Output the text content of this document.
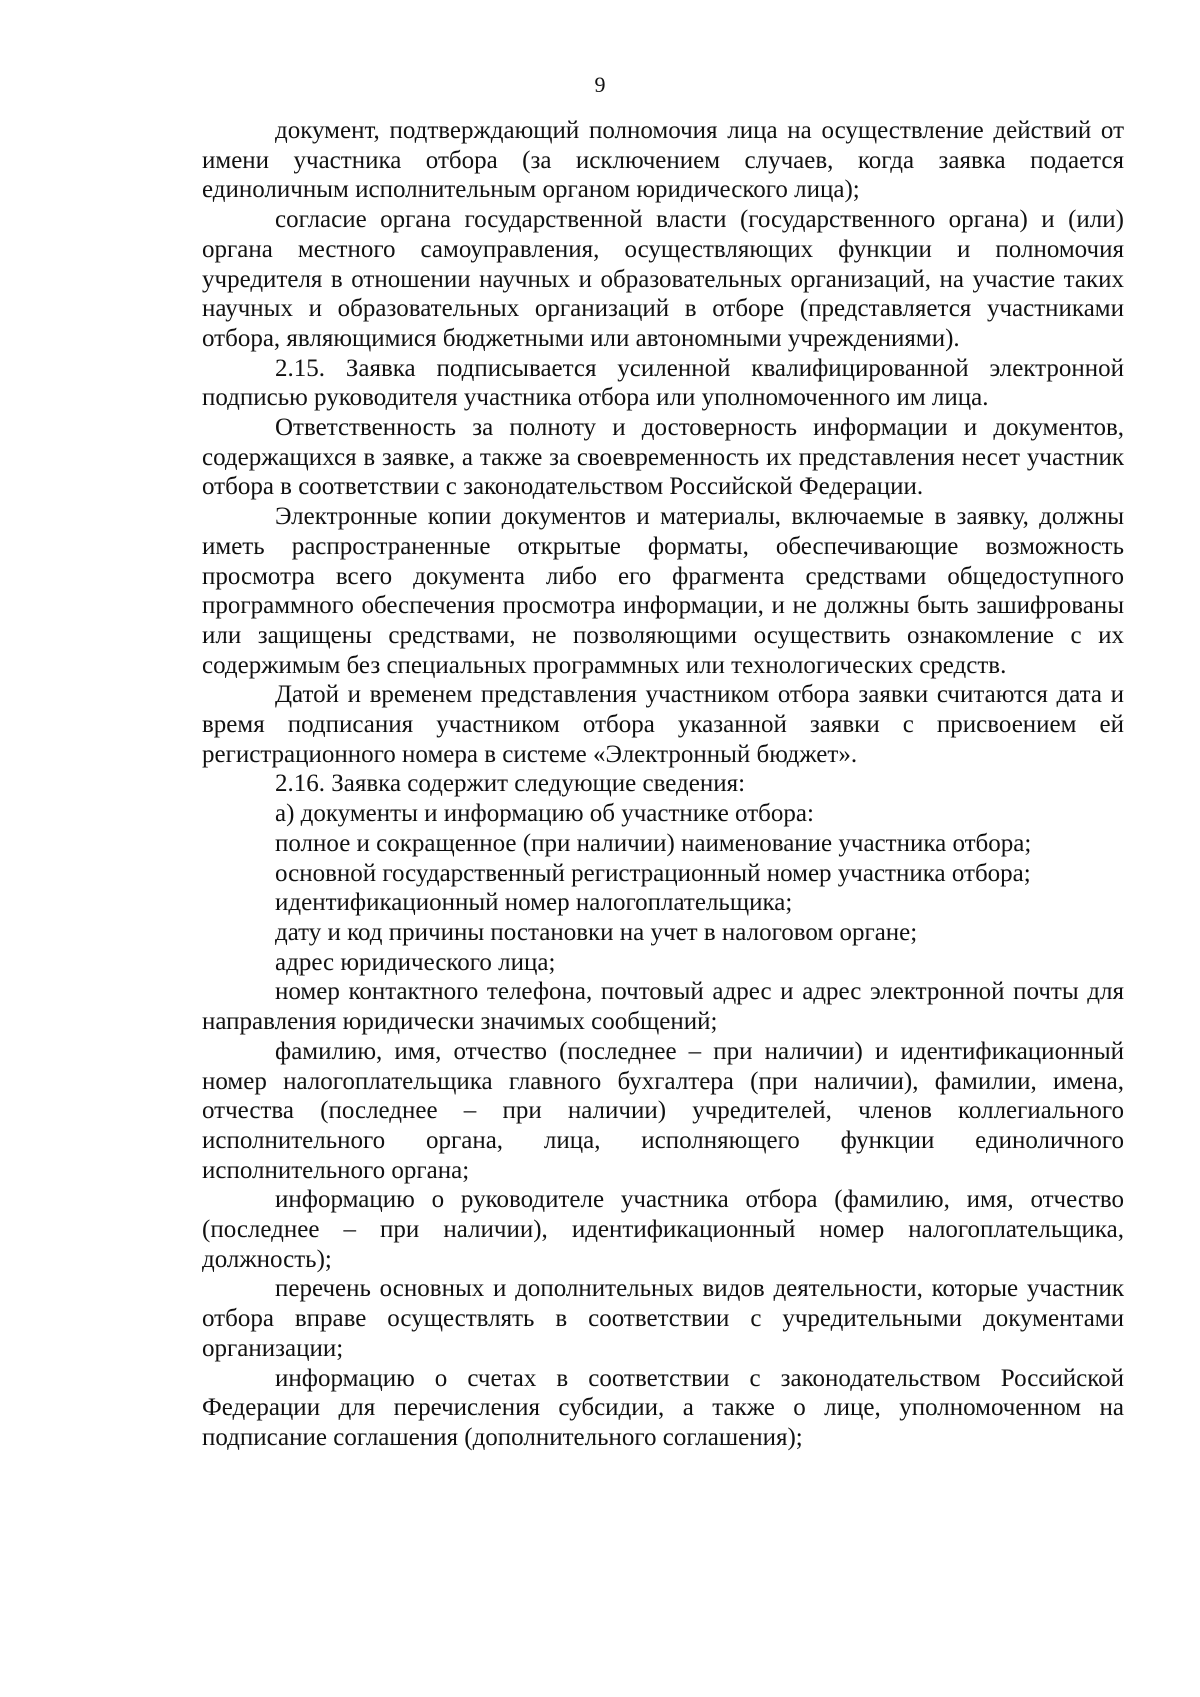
9

документ, подтверждающий полномочия лица на осуществление действий от имени участника отбора (за исключением случаев, когда заявка подается единоличным исполнительным органом юридического лица);

согласие органа государственной власти (государственного органа) и (или) органа местного самоуправления, осуществляющих функции и полномочия учредителя в отношении научных и образовательных организаций, на участие таких научных и образовательных организаций в отборе (представляется участниками отбора, являющимися бюджетными или автономными учреждениями).

2.15. Заявка подписывается усиленной квалифицированной электронной подписью руководителя участника отбора или уполномоченного им лица.

Ответственность за полноту и достоверность информации и документов, содержащихся в заявке, а также за своевременность их представления несет участник отбора в соответствии с законодательством Российской Федерации.

Электронные копии документов и материалы, включаемые в заявку, должны иметь распространенные открытые форматы, обеспечивающие возможность просмотра всего документа либо его фрагмента средствами общедоступного программного обеспечения просмотра информации, и не должны быть зашифрованы или защищены средствами, не позволяющими осуществить ознакомление с их содержимым без специальных программных или технологических средств.

Датой и временем представления участником отбора заявки считаются дата и время подписания участником отбора указанной заявки с присвоением ей регистрационного номера в системе «Электронный бюджет».

2.16. Заявка содержит следующие сведения:

а) документы и информацию об участнике отбора:

полное и сокращенное (при наличии) наименование участника отбора;

основной государственный регистрационный номер участника отбора;

идентификационный номер налогоплательщика;

дату и код причины постановки на учет в налоговом органе;

адрес юридического лица;

номер контактного телефона, почтовый адрес и адрес электронной почты для направления юридически значимых сообщений;

фамилию, имя, отчество (последнее – при наличии) и идентификационный номер налогоплательщика главного бухгалтера (при наличии), фамилии, имена, отчества (последнее – при наличии) учредителей, членов коллегиального исполнительного органа, лица, исполняющего функции единоличного исполнительного органа;

информацию о руководителе участника отбора (фамилию, имя, отчество (последнее – при наличии), идентификационный номер налогоплательщика, должность);

перечень основных и дополнительных видов деятельности, которые участник отбора вправе осуществлять в соответствии с учредительными документами организации;

информацию о счетах в соответствии с законодательством Российской Федерации для перечисления субсидии, а также о лице, уполномоченном на подписание соглашения (дополнительного соглашения);
